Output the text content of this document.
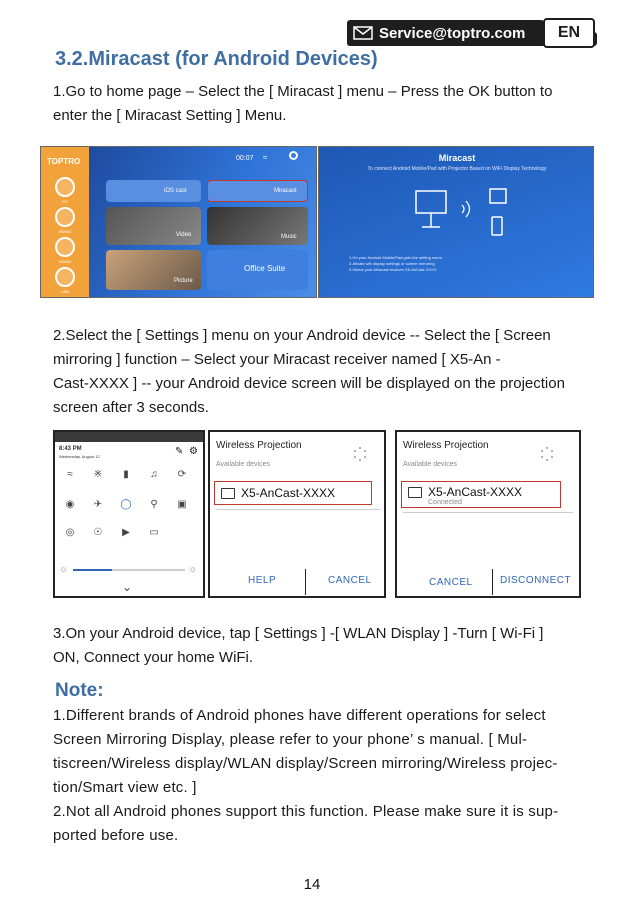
Service@toptro.com	EN
3.2.Miracast (for Android Devices)
1.Go to home page – Select the [ Miracast ] menu – Press the OK button to
enter the [ Miracast Setting ] Menu.
TOPTRO
PC
HDMI1
HDMI2
USB
00:07 ≈
iOS cast	Miracast
Video	Music
Picture
Office Suite
Miracast
To connect Android Mobile/Pad with Projector Based on WiFi Display Technology
1.On your Android Mobile/Pad,goto the setting menu
2.Ativate wifi display settings or screen mirroring
3.Select your Miracast reciever X5-AnCast-XXXX
2.Select the [ Settings ] menu on your Android device -- Select the [ Screen
mirroring ] function – Select your Miracast receiver named [ X5-An -
Cast-XXXX ] -- your Android device screen will be displayed on the projection
screen after 3 seconds.
8:43 PM
Wednesday, August 12	✎ ⚙
≈	※	▮	♫	⟳
◉ ✈ ◯	⚲	▣
◎ ☉	▶	▭
☼	☼
⌄
Wireless Projection
Available devices
X5-AnCast-XXXX
HELP	CANCEL
Wireless Projection
Available devices
X5-AnCast-XXXX
Connected
CANCEL	DISCONNECT
3.On your Android device, tap [ Settings ] -[ WLAN Display ] -Turn [ Wi-Fi ]
ON, Connect your home WiFi.
Note:
1.Different brands of Android phones have different operations for select
Screen Mirroring Display, please refer to your phone’ s manual. [ Mul-
tiscreen/Wireless display/WLAN display/Screen mirroring/Wireless projec-
tion/Smart view etc. ]
2.Not all Android phones support this function. Please make sure it is sup-
ported before use.
14
